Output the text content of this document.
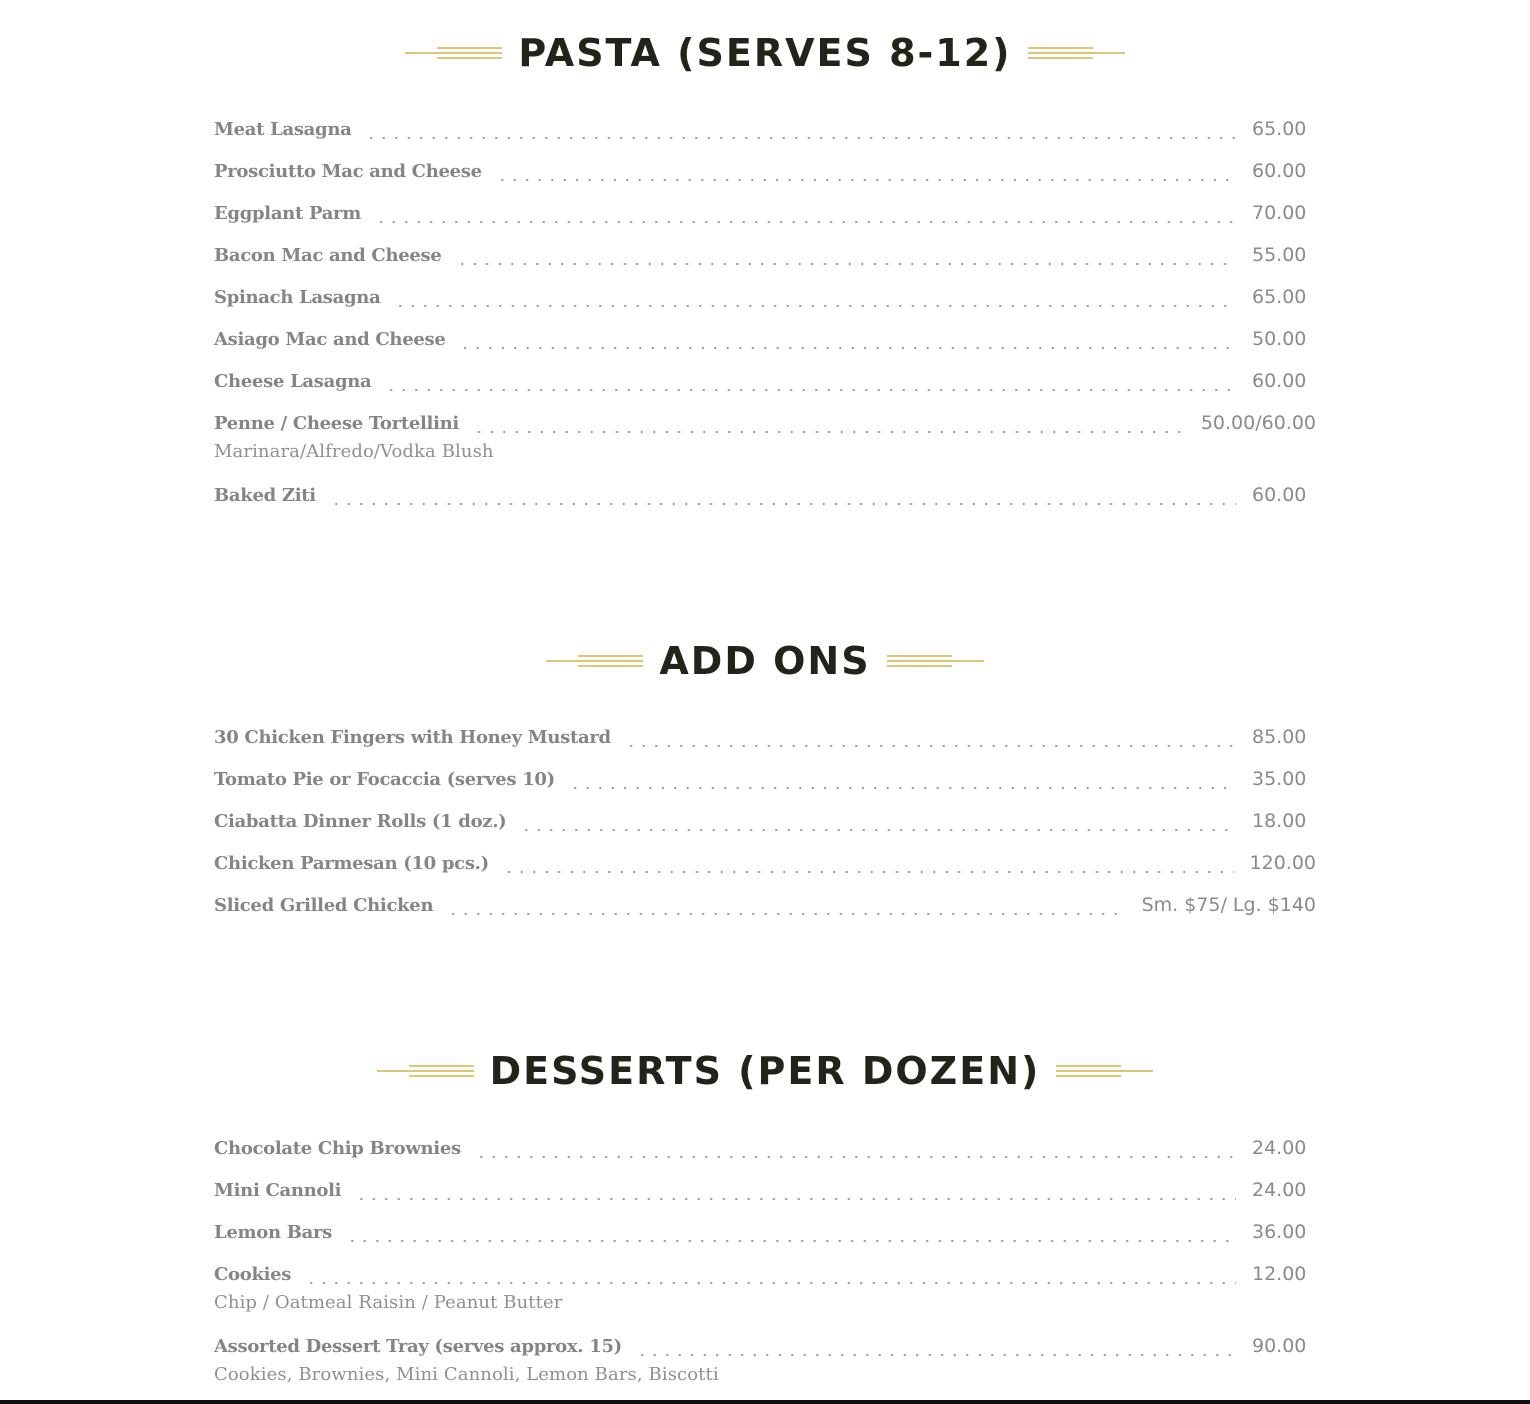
PASTA (SERVES 8-12)
Meat Lasagna	65.00
Prosciutto Mac and Cheese	60.00
Eggplant Parm	70.00
Bacon Mac and Cheese	55.00
Spinach Lasagna	65.00
Asiago Mac and Cheese	50.00
Cheese Lasagna	60.00
Penne / Cheese Tortellini	50.00/60.00
Marinara/Alfredo/Vodka Blush
Baked Ziti	60.00
ADD ONS
30 Chicken Fingers with Honey Mustard	85.00
Tomato Pie or Focaccia (serves 10)	35.00
Ciabatta Dinner Rolls (1 doz.)	18.00
Chicken Parmesan (10 pcs.)	120.00
Sliced Grilled Chicken	Sm. $75/ Lg. $140
DESSERTS (PER DOZEN)
Chocolate Chip Brownies	24.00
Mini Cannoli	24.00
Lemon Bars	36.00
Cookies	12.00
Chip / Oatmeal Raisin / Peanut Butter
Assorted Dessert Tray (serves approx. 15)	90.00
Cookies, Brownies, Mini Cannoli, Lemon Bars, Biscotti
